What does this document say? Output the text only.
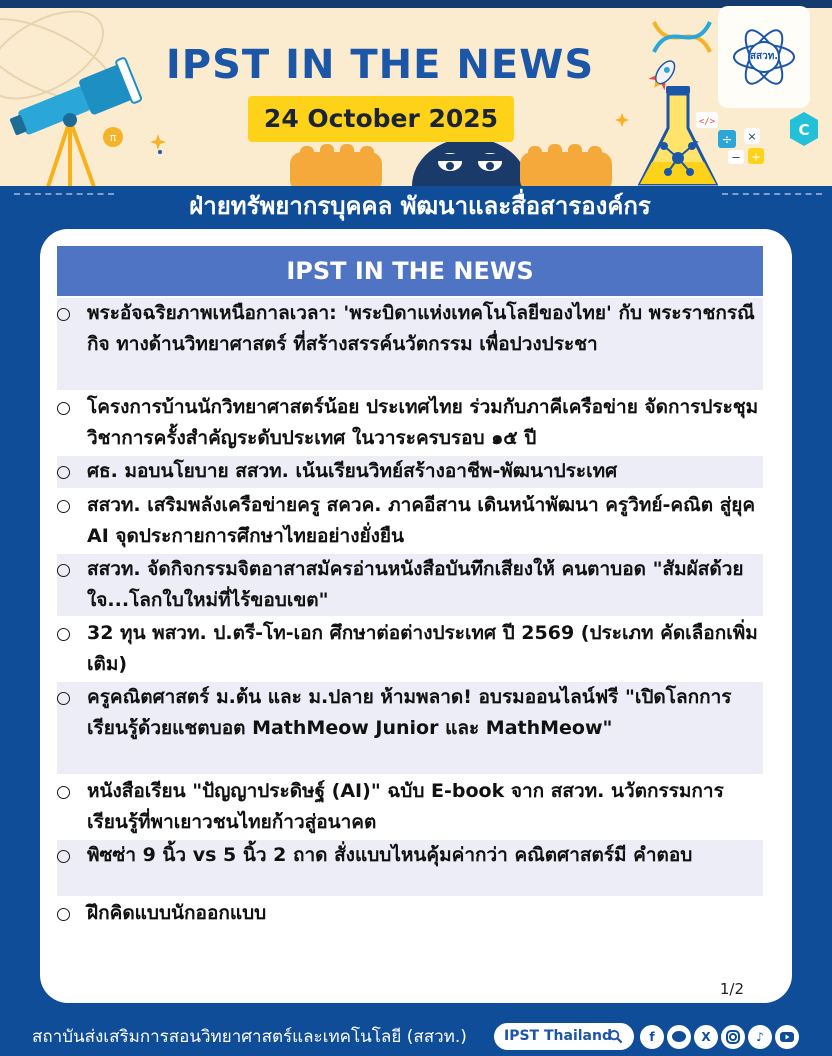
π
</>
÷ ×
− +
C
IPST IN THE NEWS
24 October 2025
สสวท.
ฝ่ายทรัพยากรบุคคล พัฒนาและสื่อสารองค์กร
IPST IN THE NEWS
พระอัจฉริยภาพเหนือกาลเวลา: 'พระบิดาแห่งเทคโนโลยีของไทย' กับ พระราชกรณีกิจ ทางด้านวิทยาศาสตร์ ที่สร้างสรรค์นวัตกรรม เพื่อปวงประชา
โครงการบ้านนักวิทยาศาสตร์น้อย ประเทศไทย ร่วมกับภาคีเครือข่าย จัดการประชุมวิชาการครั้งสำคัญระดับประเทศ ในวาระครบรอบ ๑๕ ปี
ศธ. มอบนโยบาย สสวท. เน้นเรียนวิทย์สร้างอาชีพ-พัฒนาประเทศ
สสวท. เสริมพลังเครือข่ายครู สควค. ภาคอีสาน เดินหน้าพัฒนา ครูวิทย์-คณิต สู่ยุค AI จุดประกายการศึกษาไทยอย่างยั่งยืน
สสวท. จัดกิจกรรมจิตอาสาสมัครอ่านหนังสือบันทึกเสียงให้ คนตาบอด "สัมผัสด้วยใจ...โลกใบใหม่ที่ไร้ขอบเขต"
32 ทุน พสวท. ป.ตรี-โท-เอก ศึกษาต่อต่างประเทศ ปี 2569 (ประเภท คัดเลือกเพิ่มเติม)
ครูคณิตศาสตร์ ม.ต้น และ ม.ปลาย ห้ามพลาด! อบรมออนไลน์ฟรี "เปิดโลกการเรียนรู้ด้วยแชตบอต MathMeow Junior และ MathMeow"
หนังสือเรียน "ปัญญาประดิษฐ์ (AI)" ฉบับ E-book จาก สสวท. นวัตกรรมการเรียนรู้ที่พาเยาวชนไทยก้าวสู่อนาคต
พิซซ่า 9 นิ้ว vs 5 นิ้ว 2 ถาด สั่งแบบไหนคุ้มค่ากว่า คณิตศาสตร์มี คำตอบ
ฝึกคิดแบบนักออกแบบ
1/2
สถาบันส่งเสริมการสอนวิทยาศาสตร์และเทคโนโลยี (สสวท.)	IPST Thailand	f	X	♪
